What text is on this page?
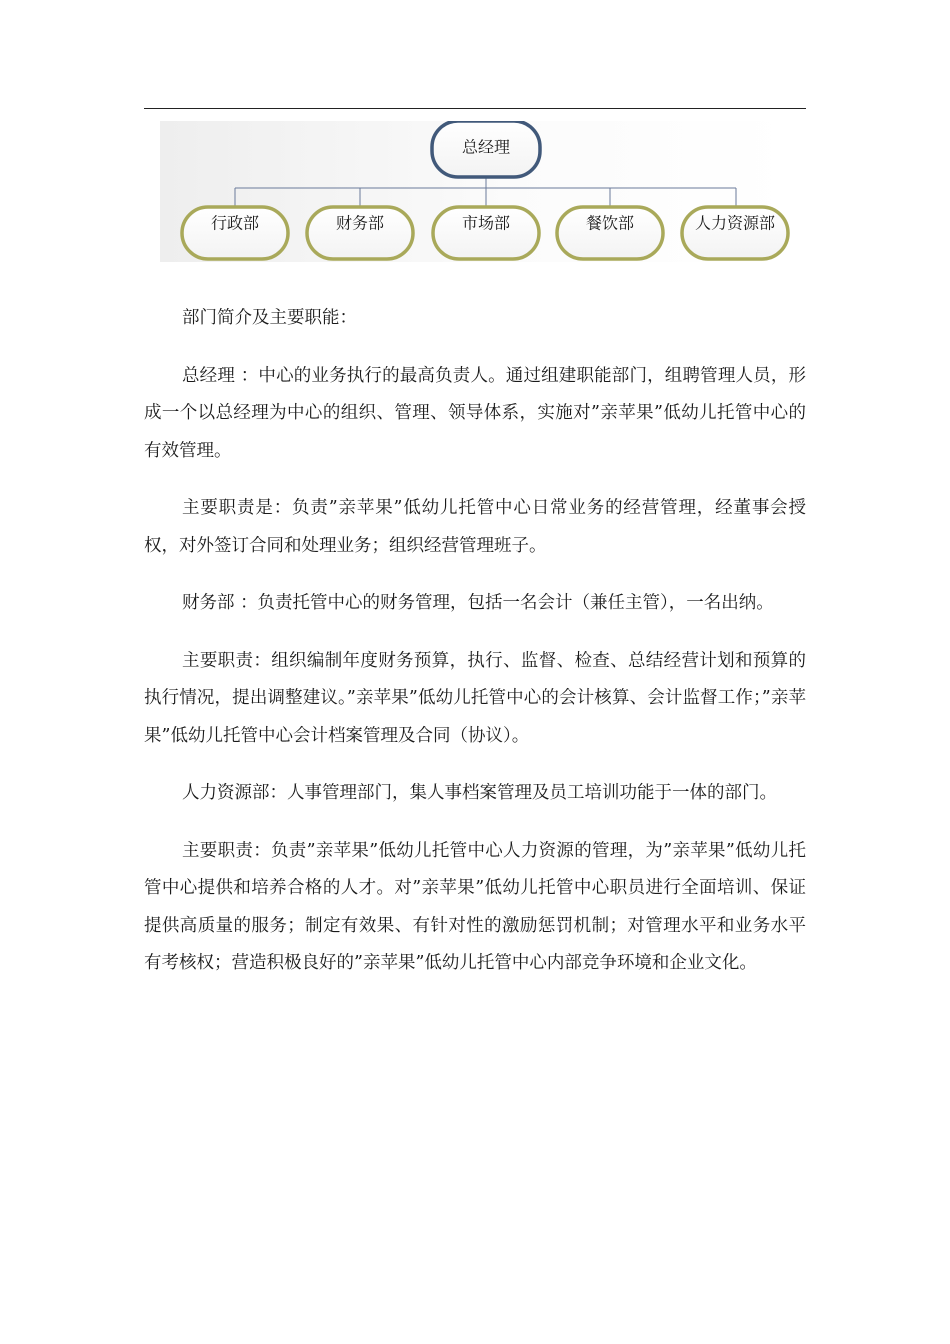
总经理
行政部	财务部	市场部	餐饮部	人力资源部

部门简介及主要职能：

总经理 ：中心的业务执行的最高负责人。通过组建职能部门，组聘管理人员，形成一个以总经理为中心的组织、管理、领导体系，实施对”亲苹果”低幼儿托管中心的有效管理。

主要职责是：负责”亲苹果”低幼儿托管中心日常业务的经营管理，经董事会授权，对外签订合同和处理业务；组织经营管理班子。

财务部 ：负责托管中心的财务管理，包括一名会计（兼任主管），一名出纳。

主要职责：组织编制年度财务预算，执行、监督、检查、总结经营计划和预算的执行情况，提出调整建议。”亲苹果”低幼儿托管中心的会计核算、会计监督工作；”亲苹果”低幼儿托管中心会计档案管理及合同（协议）。

人力资源部：人事管理部门，集人事档案管理及员工培训功能于一体的部门。

主要职责：负责”亲苹果”低幼儿托管中心人力资源的管理，为”亲苹果”低幼儿托管中心提供和培养合格的人才。对”亲苹果”低幼儿托管中心职员进行全面培训、保证提供高质量的服务；制定有效果、有针对性的激励惩罚机制；对管理水平和业务水平有考核权；营造积极良好的”亲苹果”低幼儿托管中心内部竞争环境和企业文化。
